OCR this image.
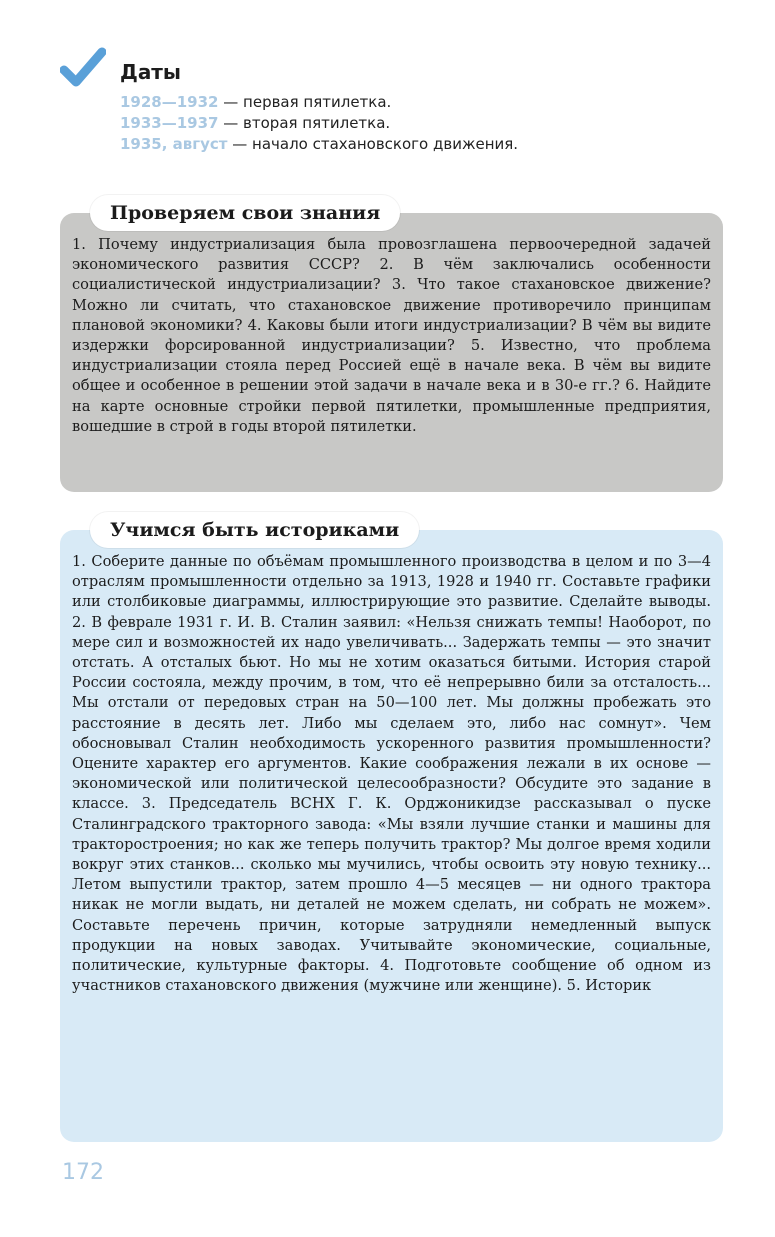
Даты
1928—1932 — первая пятилетка.
1933—1937 — вторая пятилетка.
1935, август — начало стахановского движения.
Проверяем свои знания

1. Почему индустриализация была провозглашена первоочередной задачей экономического развития СССР? 2. В чём заключались особенности социалистической индустриализации? 3. Что такое стахановское движение? Можно ли считать, что стахановское движение противоречило принципам плановой экономики? 4. Каковы были итоги индустриализации? В чём вы видите издержки форсированной индустриализации? 5. Известно, что проблема индустриализации стояла перед Россией ещё в начале века. В чём вы видите общее и особенное в решении этой задачи в начале века и в 30-е гг.? 6. Найдите на карте основные стройки первой пятилетки, промышленные предприятия, вошедшие в строй в годы второй пятилетки.

Учимся быть историками

1. Соберите данные по объёмам промышленного производства в целом и по 3—4 отраслям промышленности отдельно за 1913, 1928 и 1940 гг. Составьте графики или столбиковые диаграммы, иллюстрирующие это развитие. Сделайте выводы. 2. В феврале 1931 г. И. В. Сталин заявил: «Нельзя снижать темпы! Наоборот, по мере сил и возможностей их надо увеличивать... Задержать темпы — это значит отстать. А отсталых бьют. Но мы не хотим оказаться битыми. История старой России состояла, между прочим, в том, что её непрерывно били за отсталость... Мы отстали от передовых стран на 50—100 лет. Мы должны пробежать это расстояние в десять лет. Либо мы сделаем это, либо нас сомнут». Чем обосновывал Сталин необходимость ускоренного развития промышленности? Оцените характер его аргументов. Какие соображения лежали в их основе — экономической или политической целесообразности? Обсудите это задание в классе. 3. Председатель ВСНХ Г. К. Орджоникидзе рассказывал о пуске Сталинградского тракторного завода: «Мы взяли лучшие станки и машины для тракторостроения; но как же теперь получить трактор? Мы долгое время ходили вокруг этих станков... сколько мы мучились, чтобы освоить эту новую технику... Летом выпустили трактор, затем прошло 4—5 месяцев — ни одного трактора никак не могли выдать, ни деталей не можем сделать, ни собрать не можем». Составьте перечень причин, которые затрудняли немедленный выпуск продукции на новых заводах. Учитывайте экономические, социальные, политические, культурные факторы. 4. Подготовьте сообщение об одном из участников стахановского движения (мужчине или женщине). 5. Историк

172
